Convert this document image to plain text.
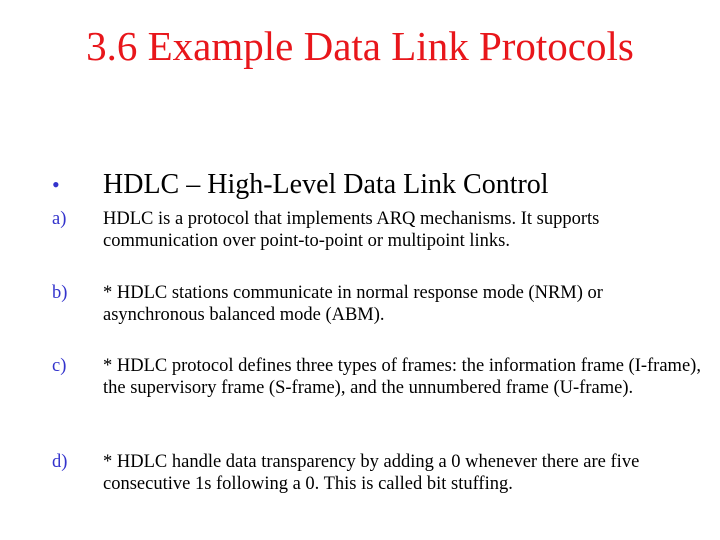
3.6 Example Data Link Protocols
• HDLC – High-Level Data Link Control
a) HDLC is a protocol that implements ARQ mechanisms. It supports communication over point-to-point or multipoint links.
b) * HDLC stations communicate in normal response mode (NRM) or asynchronous balanced mode (ABM).
c) * HDLC protocol defines three types of frames: the information frame (I-frame), the supervisory frame (S-frame), and the unnumbered frame (U-frame).
d) * HDLC handle data transparency by adding a 0 whenever there are five consecutive 1s following a 0. This is called bit stuffing.
